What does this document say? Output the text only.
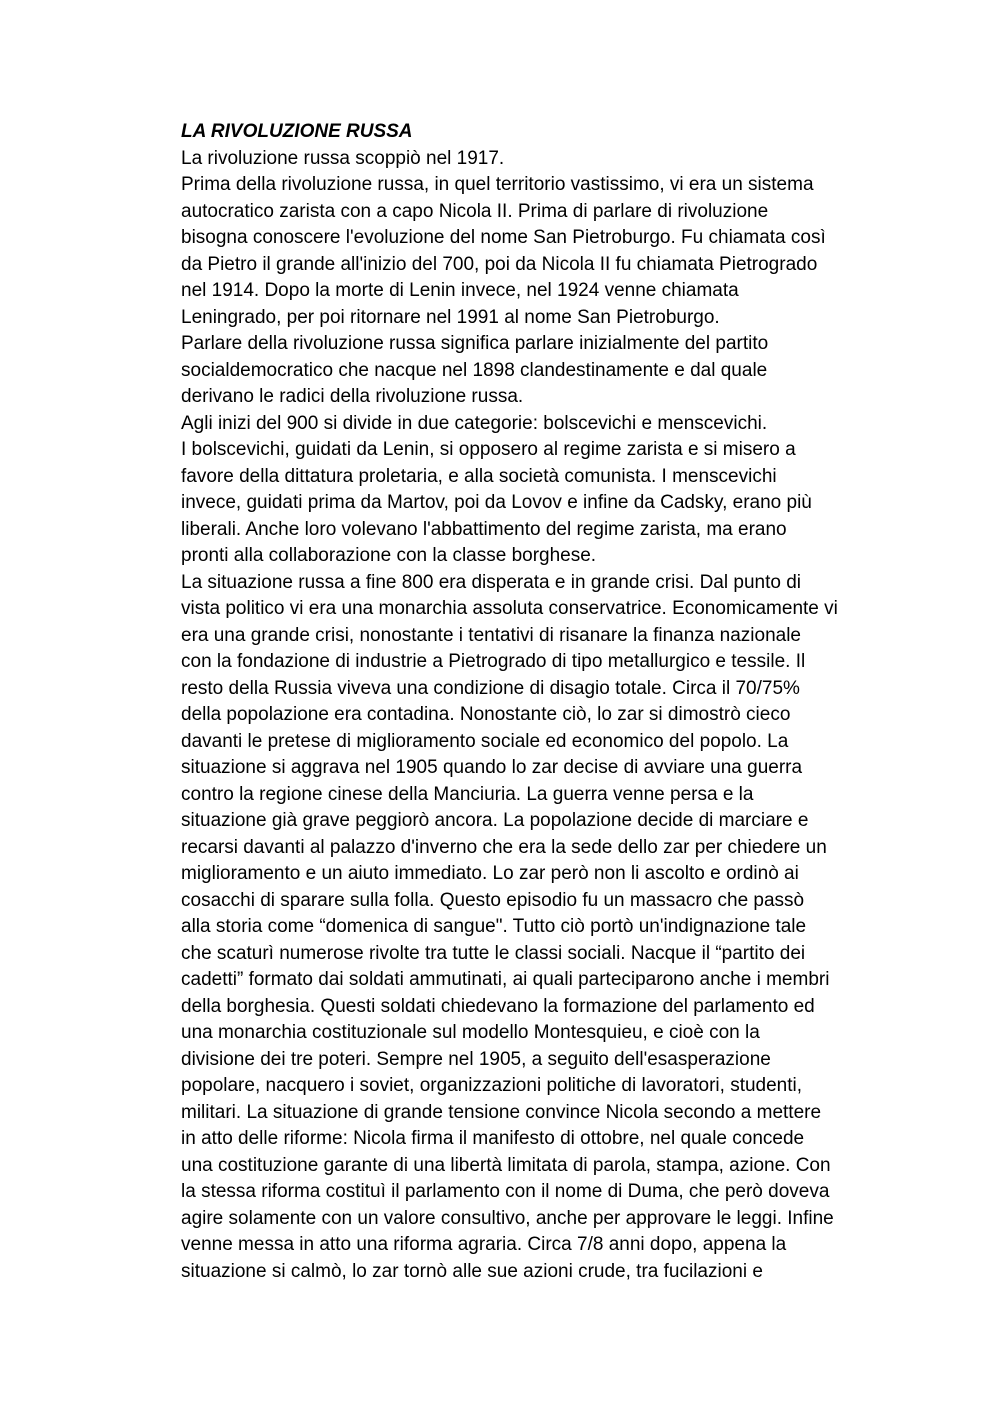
LA RIVOLUZIONE RUSSA
La rivoluzione russa scoppiò nel 1917.
Prima della rivoluzione russa, in quel territorio vastissimo, vi era un sistema
autocratico zarista con a capo Nicola II. Prima di parlare di rivoluzione
bisogna conoscere l'evoluzione del nome San Pietroburgo. Fu chiamata così
da Pietro il grande all'inizio del 700, poi da Nicola II fu chiamata Pietrogrado
nel 1914. Dopo la morte di Lenin invece, nel 1924 venne chiamata
Leningrado, per poi ritornare nel 1991 al nome San Pietroburgo.
Parlare della rivoluzione russa significa parlare inizialmente del partito
socialdemocratico che nacque nel 1898 clandestinamente e dal quale
derivano le radici della rivoluzione russa.
Agli inizi del 900 si divide in due categorie: bolscevichi e menscevichi.
I bolscevichi, guidati da Lenin, si opposero al regime zarista e si misero a
favore della dittatura proletaria, e alla società comunista. I menscevichi
invece, guidati prima da Martov, poi da Lovov e infine da Cadsky, erano più
liberali. Anche loro volevano l'abbattimento del regime zarista, ma erano
pronti alla collaborazione con la classe borghese.
La situazione russa a fine 800 era disperata e in grande crisi. Dal punto di
vista politico vi era una monarchia assoluta conservatrice. Economicamente vi
era una grande crisi, nonostante i tentativi di risanare la finanza nazionale
con la fondazione di industrie a Pietrogrado di tipo metallurgico e tessile. Il
resto della Russia viveva una condizione di disagio totale. Circa il 70/75%
della popolazione era contadina. Nonostante ciò, lo zar si dimostrò cieco
davanti le pretese di miglioramento sociale ed economico del popolo. La
situazione si aggrava nel 1905 quando lo zar decise di avviare una guerra
contro la regione cinese della Manciuria. La guerra venne persa e la
situazione già grave peggiorò ancora. La popolazione decide di marciare e
recarsi davanti al palazzo d'inverno che era la sede dello zar per chiedere un
miglioramento e un aiuto immediato. Lo zar però non li ascolto e ordinò ai
cosacchi di sparare sulla folla. Questo episodio fu un massacro che passò
alla storia come “domenica di sangue". Tutto ciò portò un'indignazione tale
che scaturì numerose rivolte tra tutte le classi sociali. Nacque il “partito dei
cadetti” formato dai soldati ammutinati, ai quali parteciparono anche i membri
della borghesia. Questi soldati chiedevano la formazione del parlamento ed
una monarchia costituzionale sul modello Montesquieu, e cioè con la
divisione dei tre poteri. Sempre nel 1905, a seguito dell'esasperazione
popolare, nacquero i soviet, organizzazioni politiche di lavoratori, studenti,
militari. La situazione di grande tensione convince Nicola secondo a mettere
in atto delle riforme: Nicola firma il manifesto di ottobre, nel quale concede
una costituzione garante di una libertà limitata di parola, stampa, azione. Con
la stessa riforma costituì il parlamento con il nome di Duma, che però doveva
agire solamente con un valore consultivo, anche per approvare le leggi. Infine
venne messa in atto una riforma agraria. Circa 7/8 anni dopo, appena la
situazione si calmò, lo zar tornò alle sue azioni crude, tra fucilazioni e
